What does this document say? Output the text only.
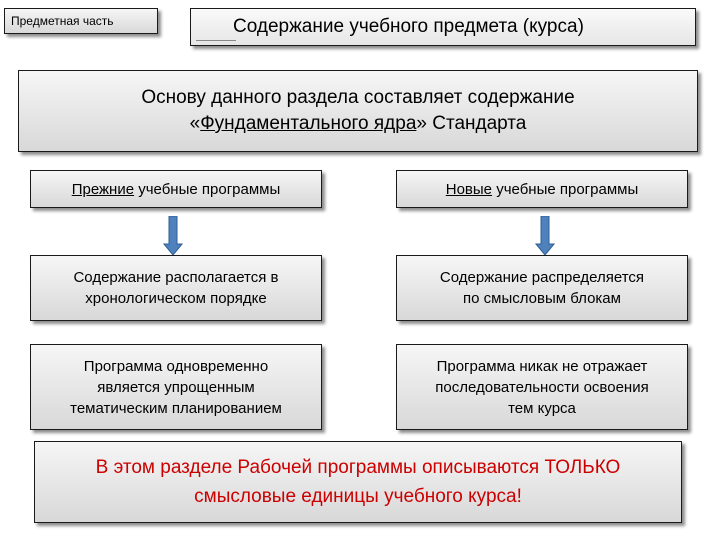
Предметная часть	Содержание учебного предмета (курса)
Основу данного раздела составляет содержание
«Фундаментального ядра» Стандарта
Прежние учебные программы	Новые учебные программы
Содержание располагается в
хронологическом порядке
Содержание распределяется
по смысловым блокам
Программа одновременно
является упрощенным
тематическим планированием
Программа никак не отражает
последовательности освоения
тем курса
В этом разделе Рабочей программы описываются ТОЛЬКО
смысловые единицы учебного курса!
